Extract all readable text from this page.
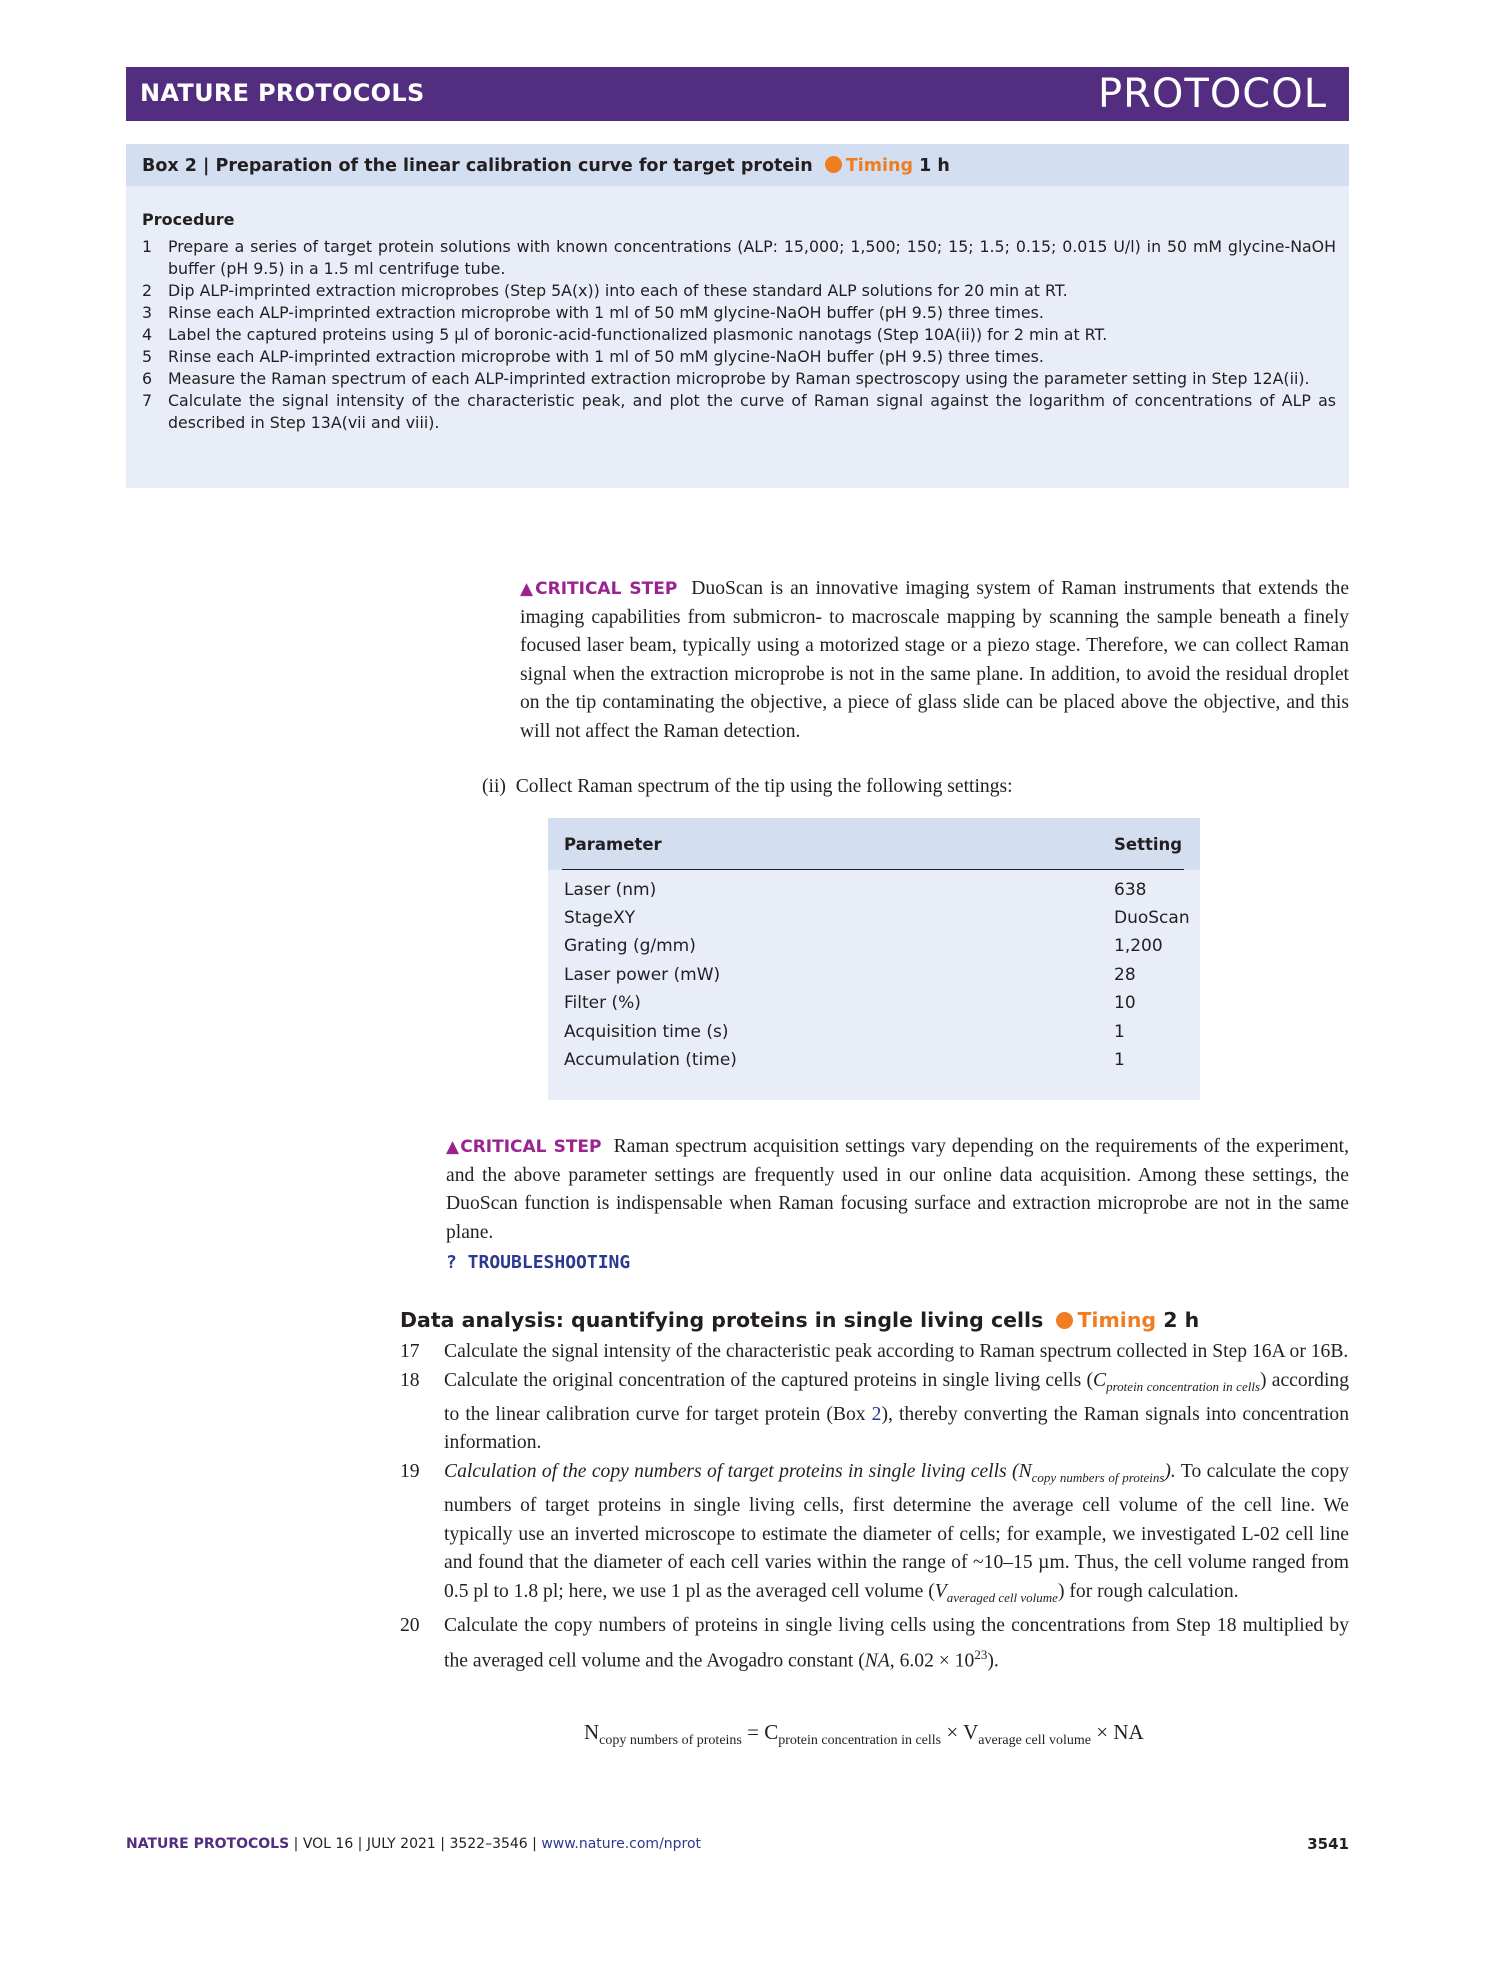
NATURE PROTOCOLS	PROTOCOL
Box 2 | Preparation of the linear calibration curve for target protein Timing 1 h
Procedure
1 Prepare a series of target protein solutions with known concentrations (ALP: 15,000; 1,500; 150; 15; 1.5; 0.15; 0.015 U/l) in 50 mM glycine-NaOH buffer (pH 9.5) in a 1.5 ml centrifuge tube.
2 Dip ALP-imprinted extraction microprobes (Step 5A(x)) into each of these standard ALP solutions for 20 min at RT.
3 Rinse each ALP-imprinted extraction microprobe with 1 ml of 50 mM glycine-NaOH buffer (pH 9.5) three times.
4 Label the captured proteins using 5 µl of boronic-acid-functionalized plasmonic nanotags (Step 10A(ii)) for 2 min at RT.
5 Rinse each ALP-imprinted extraction microprobe with 1 ml of 50 mM glycine-NaOH buffer (pH 9.5) three times.
6 Measure the Raman spectrum of each ALP-imprinted extraction microprobe by Raman spectroscopy using the parameter setting in Step 12A(ii).
7 Calculate the signal intensity of the characteristic peak, and plot the curve of Raman signal against the logarithm of concentrations of ALP as described in Step 13A(vii and viii).
▲CRITICAL STEP DuoScan is an innovative imaging system of Raman instruments that extends the imaging capabilities from submicron- to macroscale mapping by scanning the sample beneath a finely focused laser beam, typically using a motorized stage or a piezo stage. Therefore, we can collect Raman signal when the extraction microprobe is not in the same plane. In addition, to avoid the residual droplet on the tip contaminating the objective, a piece of glass slide can be placed above the objective, and this will not affect the Raman detection.
(ii) Collect Raman spectrum of the tip using the following settings:
Parameter	Setting
Laser (nm)	638
StageXY	DuoScan
Grating (g/mm)	1,200
Laser power (mW)	28
Filter (%)	10
Acquisition time (s)	1
Accumulation (time)	1
▲CRITICAL STEP Raman spectrum acquisition settings vary depending on the requirements of the experiment, and the above parameter settings are frequently used in our online data acquisition. Among these settings, the DuoScan function is indispensable when Raman focusing surface and extraction microprobe are not in the same plane.
? TROUBLESHOOTING
Data analysis: quantifying proteins in single living cells Timing 2 h
17 Calculate the signal intensity of the characteristic peak according to Raman spectrum collected in Step 16A or 16B.
18 Calculate the original concentration of the captured proteins in single living cells $(C_{protein concentration in cells})$ according to the linear calibration curve for target protein (Box 2), thereby converting the Raman signals into concentration information.
19 Calculation of the copy numbers of target proteins in single living cells $(N_{copy numbers of proteins})$. To calculate the copy numbers of target proteins in single living cells, first determine the average cell volume of the cell line. We typically use an inverted microscope to estimate the diameter of cells; for example, we investigated L-02 cell line and found that the diameter of each cell varies within the range of ~10–15 µm. Thus, the cell volume ranged from 0.5 pl to 1.8 pl; here, we use 1 pl as the averaged cell volume $(V_{averaged cell volume})$ for rough calculation.
20 Calculate the copy numbers of proteins in single living cells using the concentrations from Step 18 multiplied by the averaged cell volume and the Avogadro constant (NA, $6.02 \times 10^{23}$).
$N_{copy numbers of proteins} = C_{protein concentration in cells} \times V_{average cell volume}$ × NA
NATURE PROTOCOLS | VOL 16 | JULY 2021 | 3522–3546 | www.nature.com/nprot	3541
